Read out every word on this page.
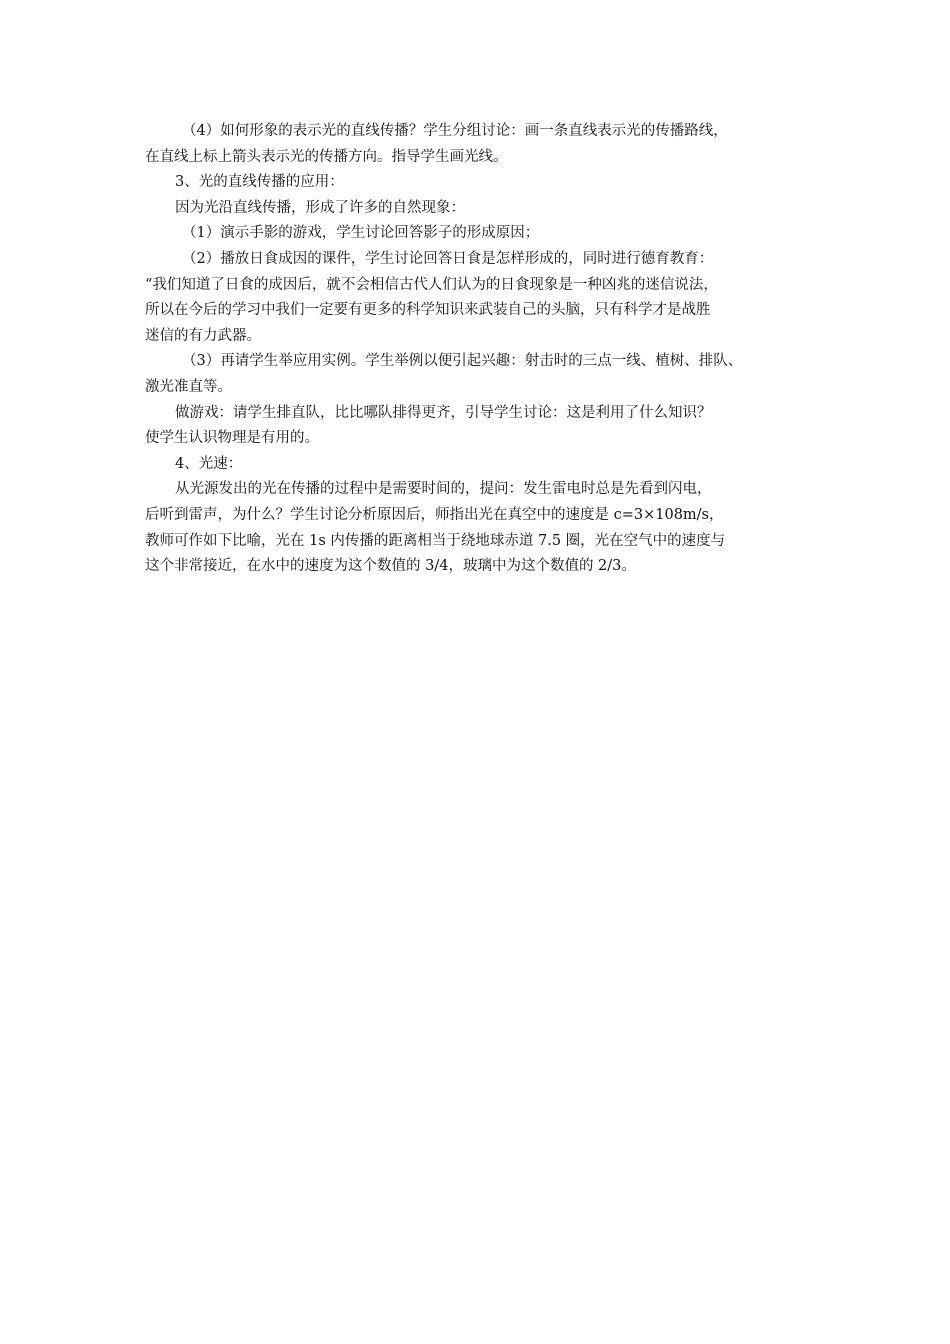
（4）如何形象的表示光的直线传播？学生分组讨论：画一条直线表示光的传播路线，
在直线上标上箭头表示光的传播方向。指导学生画光线。
3、光的直线传播的应用：
因为光沿直线传播，形成了许多的自然现象：
（1）演示手影的游戏，学生讨论回答影子的形成原因；
（2）播放日食成因的课件，学生讨论回答日食是怎样形成的，同时进行德育教育：
“我们知道了日食的成因后，就不会相信古代人们认为的日食现象是一种凶兆的迷信说法，
所以在今后的学习中我们一定要有更多的科学知识来武装自己的头脑，只有科学才是战胜
迷信的有力武器。
（3）再请学生举应用实例。学生举例以便引起兴趣：射击时的三点一线、植树、排队、
激光准直等。
做游戏：请学生排直队，比比哪队排得更齐，引导学生讨论：这是利用了什么知识？
使学生认识物理是有用的。
4、光速：
从光源发出的光在传播的过程中是需要时间的，提问：发生雷电时总是先看到闪电，
后听到雷声，为什么？学生讨论分析原因后，师指出光在真空中的速度是 c=3×108m/s，
教师可作如下比喻，光在 1s 内传播的距离相当于绕地球赤道 7.5 圈，光在空气中的速度与
这个非常接近，在水中的速度为这个数值的 3/4，玻璃中为这个数值的 2/3。
